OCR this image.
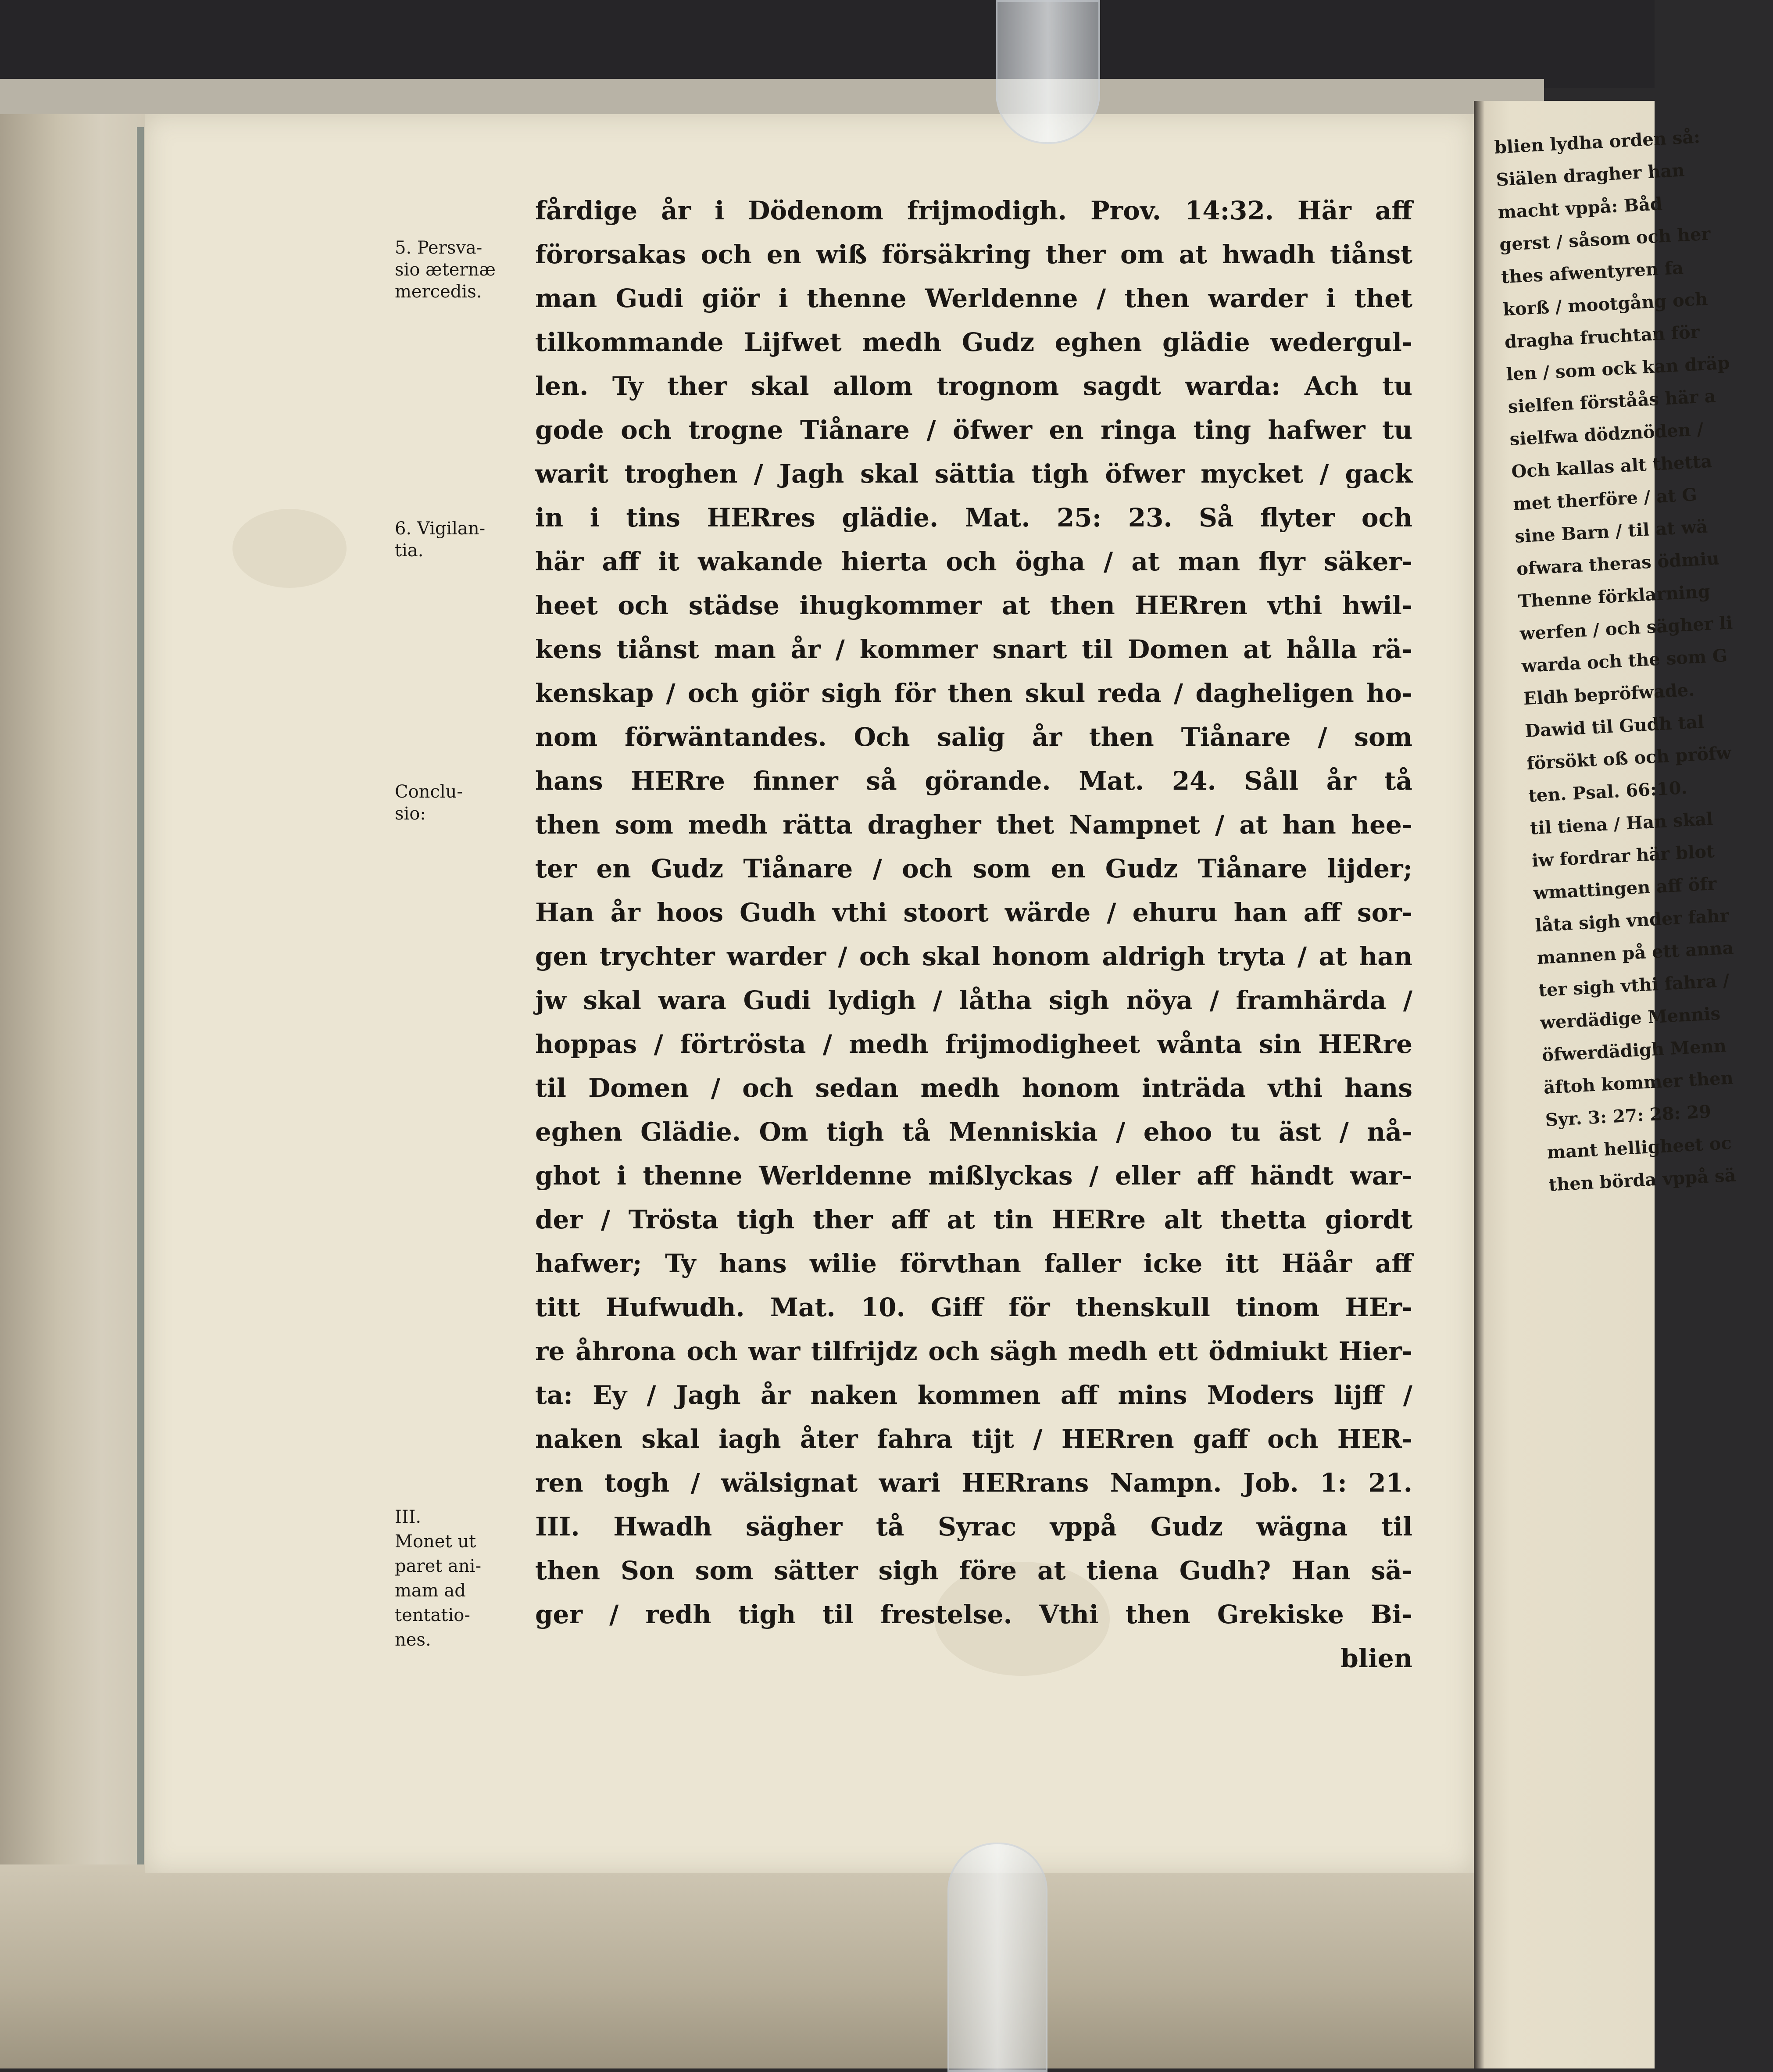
blien lydha orden så:
Siälen dragher han
macht vppå: Båd
gerst / såsom och her
thes afwentyren fa
korß / mootgång och
dragha fruchtan för
len / som ock kan dräp
sielfen förståås här a
sielfwa dödznöden /
Och kallas alt thetta
met therföre / at G
sine Barn / til at wä
ofwara theras ödmiu
Thenne förklarning
werfen / och sägher li
warda och the som G
Eldh bepröfwade.
Dawid til Gudh tal
försökt oß och pröfw
ten. Psal. 66:10.
til tiena / Han skal
iw fordrar här blot
wmattingen aff öfr
låta sigh vnder fahr
mannen på ett anna
ter sigh vthi fahra /
werdädige Mennis
öfwerdädigh Menn
äftoh kommer then
Syr. 3: 27: 28: 29
mant helligheet oc
then börda vppå sä
5. Persva-
sio æternæ
mercedis.
6. Vigilan-
tia.
Conclu-
sio:
III.
Monet ut
paret ani-
mam ad
tentatio-
nes.
fårdige år i Dödenom frijmodigh. Prov. 14:32. Här aff
förorsakas och en wiß försäkring ther om at hwadh tiånst
man Gudi giör i thenne Werldenne / then warder i thet
tilkommande Lijfwet medh Gudz eghen glädie wedergul-
len. Ty ther skal allom trognom sagdt warda: Ach tu
gode och trogne Tiånare / öfwer en ringa ting hafwer tu
warit troghen / Jagh skal sättia tigh öfwer mycket / gack
in i tins HERres glädie. Mat. 25: 23. Så flyter och
här aff it wakande hierta och ögha / at man flyr säker-
heet och städse ihugkommer at then HERren vthi hwil-
kens tiånst man år / kommer snart til Domen at hålla rä-
kenskap / och giör sigh för then skul reda / dagheligen ho-
nom förwäntandes. Och salig år then Tiånare / som
hans HERre finner så görande. Mat. 24. Såll år tå
then som medh rätta dragher thet Nampnet / at han hee-
ter en Gudz Tiånare / och som en Gudz Tiånare lijder;
Han år hoos Gudh vthi stoort wärde / ehuru han aff sor-
gen trychter warder / och skal honom aldrigh tryta / at han
jw skal wara Gudi lydigh / låtha sigh nöya / framhärda /
hoppas / förtrösta / medh frijmodigheet wånta sin HERre
til Domen / och sedan medh honom inträda vthi hans
eghen Glädie. Om tigh tå Menniskia / ehoo tu äst / nå-
ghot i thenne Werldenne mißlyckas / eller aff händt war-
der / Trösta tigh ther aff at tin HERre alt thetta giordt
hafwer; Ty hans wilie förvthan faller icke itt Häår aff
titt Hufwudh. Mat. 10. Giff för thenskull tinom HEr-
re åhrona och war tilfrijdz och sägh medh ett ödmiukt Hier-
ta: Ey / Jagh år naken kommen aff mins Moders lijff /
naken skal iagh åter fahra tijt / HERren gaff och HER-
ren togh / wälsignat wari HERrans Nampn. Job. 1: 21.
III. Hwadh sägher tå Syrac vppå Gudz wägna til
then Son som sätter sigh före at tiena Gudh? Han sä-
ger / redh tigh til frestelse. Vthi then Grekiske Bi-
blien
